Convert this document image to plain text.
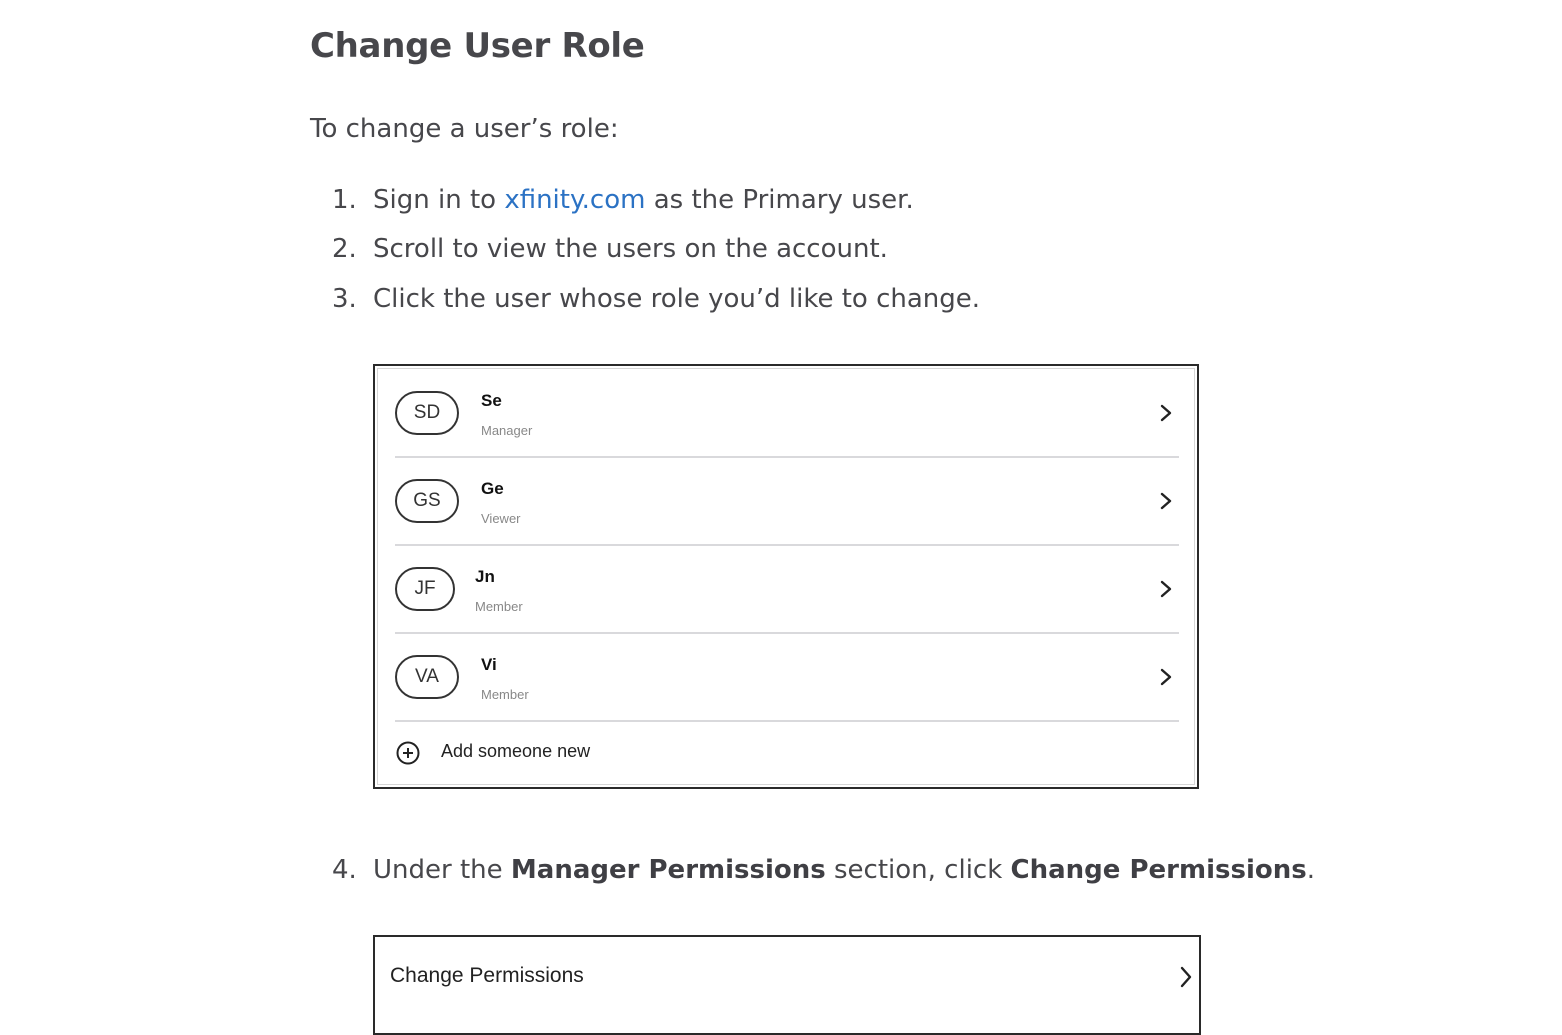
Change User Role

To change a user’s role:

1. Sign in to xfinity.com as the Primary user.
2. Scroll to view the users on the account.
3. Click the user whose role you’d like to change.
4. Under the Manager Permissions section, click Change Permissions.
SD
Se
Manager
GS
Ge
Viewer
JF
Jn
Member
VA
Vi
Member
Add someone new
Change Permissions
